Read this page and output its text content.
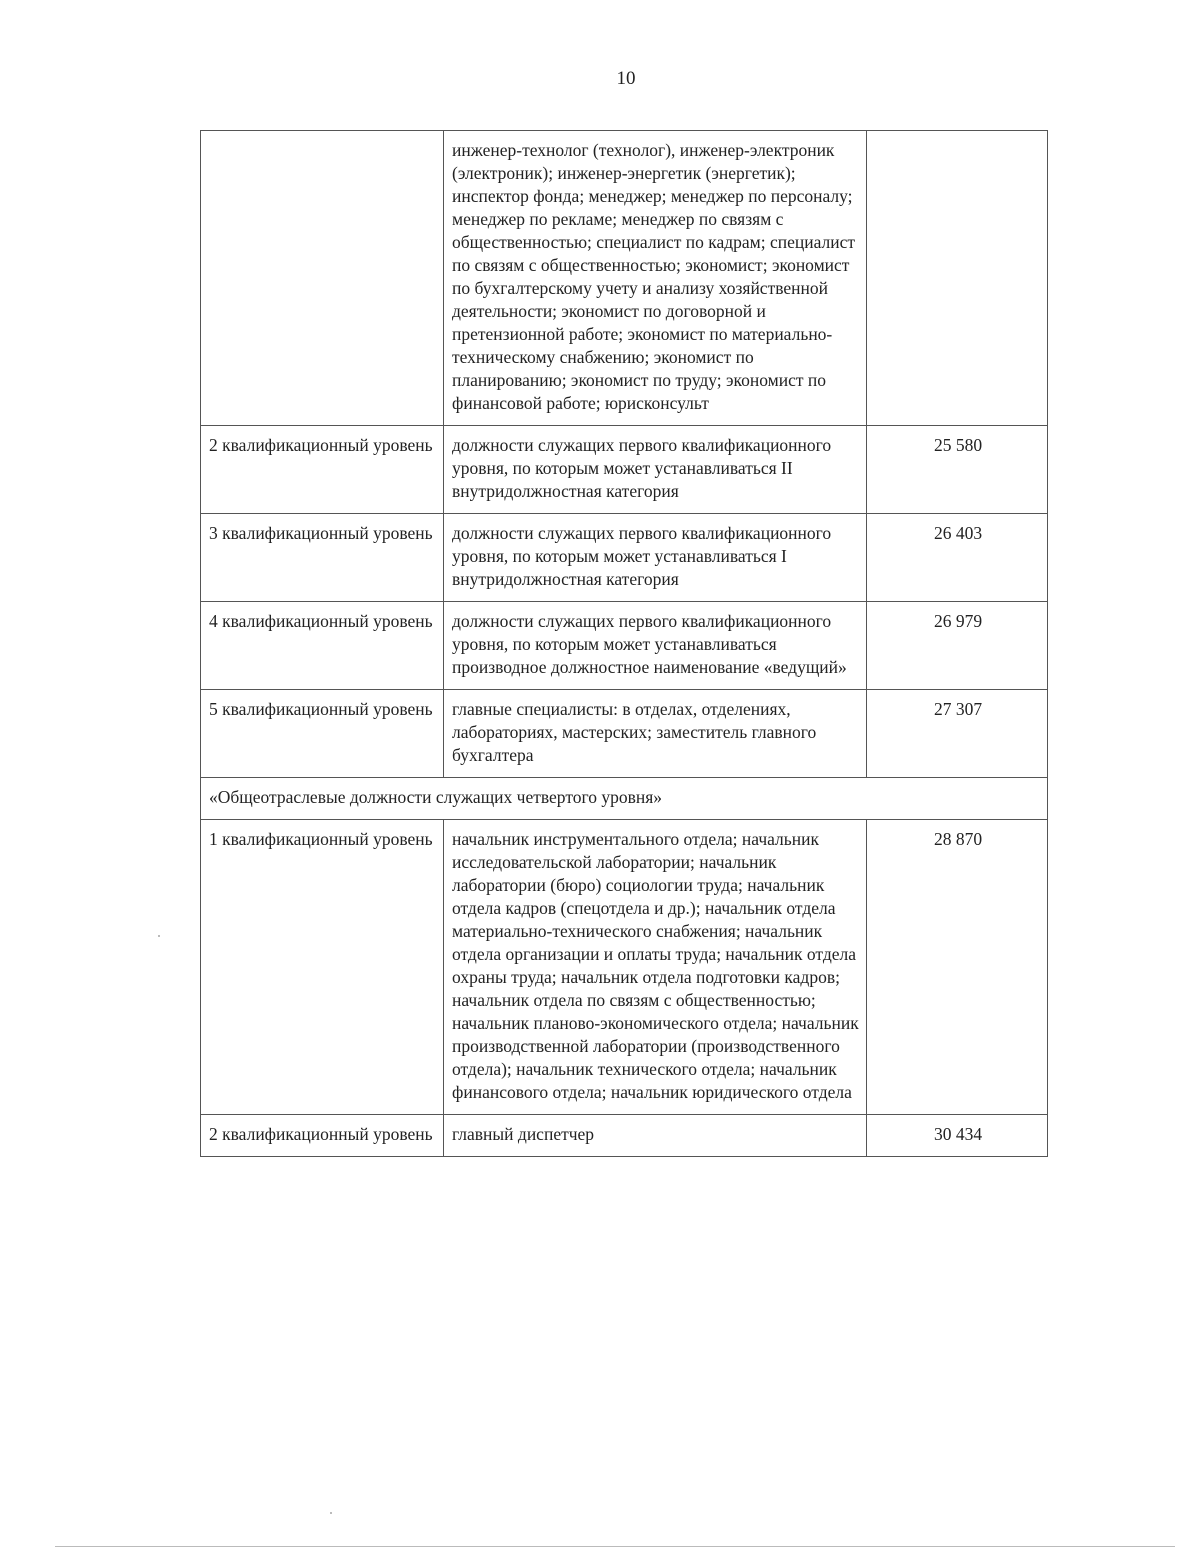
10
	инженер-технолог (технолог), инженер-электроник (электроник); инженер-энергетик (энергетик); инспектор фонда; менеджер; менеджер по персоналу; менеджер по рекламе; менеджер по связям с общественностью; специалист по кадрам; специалист по связям с общественностью; экономист; экономист по бухгалтерскому учету и анализу хозяйственной деятельности; экономист по договорной и претензионной работе; экономист по материально-техническому снабжению; экономист по планированию; экономист по труду; экономист по финансовой работе; юрисконсульт	
2 квалификационный уровень	должности служащих первого квалификационного уровня, по которым может устанавливаться II внутридолжностная категория	25 580
3 квалификационный уровень	должности служащих первого квалификационного уровня, по которым может устанавливаться I внутридолжностная категория	26 403
4 квалификационный уровень	должности служащих первого квалификационного уровня, по которым может устанавливаться производное должностное наименование «ведущий»	26 979
5 квалификационный уровень	главные специалисты: в отделах, отделениях, лабораториях, мастерских; заместитель главного бухгалтера	27 307
«Общеотраслевые должности служащих четвертого уровня»		
1 квалификационный уровень	начальник инструментального отдела; начальник исследовательской лаборатории; начальник лаборатории (бюро) социологии труда; начальник отдела кадров (спецотдела и др.); начальник отдела материально-технического снабжения; начальник отдела организации и оплаты труда; начальник отдела охраны труда; начальник отдела подготовки кадров; начальник отдела по связям с общественностью; начальник планово-экономического отдела; начальник производственной лаборатории (производственного отдела); начальник технического отдела; начальник финансового отдела; начальник юридического отдела	28 870
2 квалификационный уровень	главный диспетчер	30 434
